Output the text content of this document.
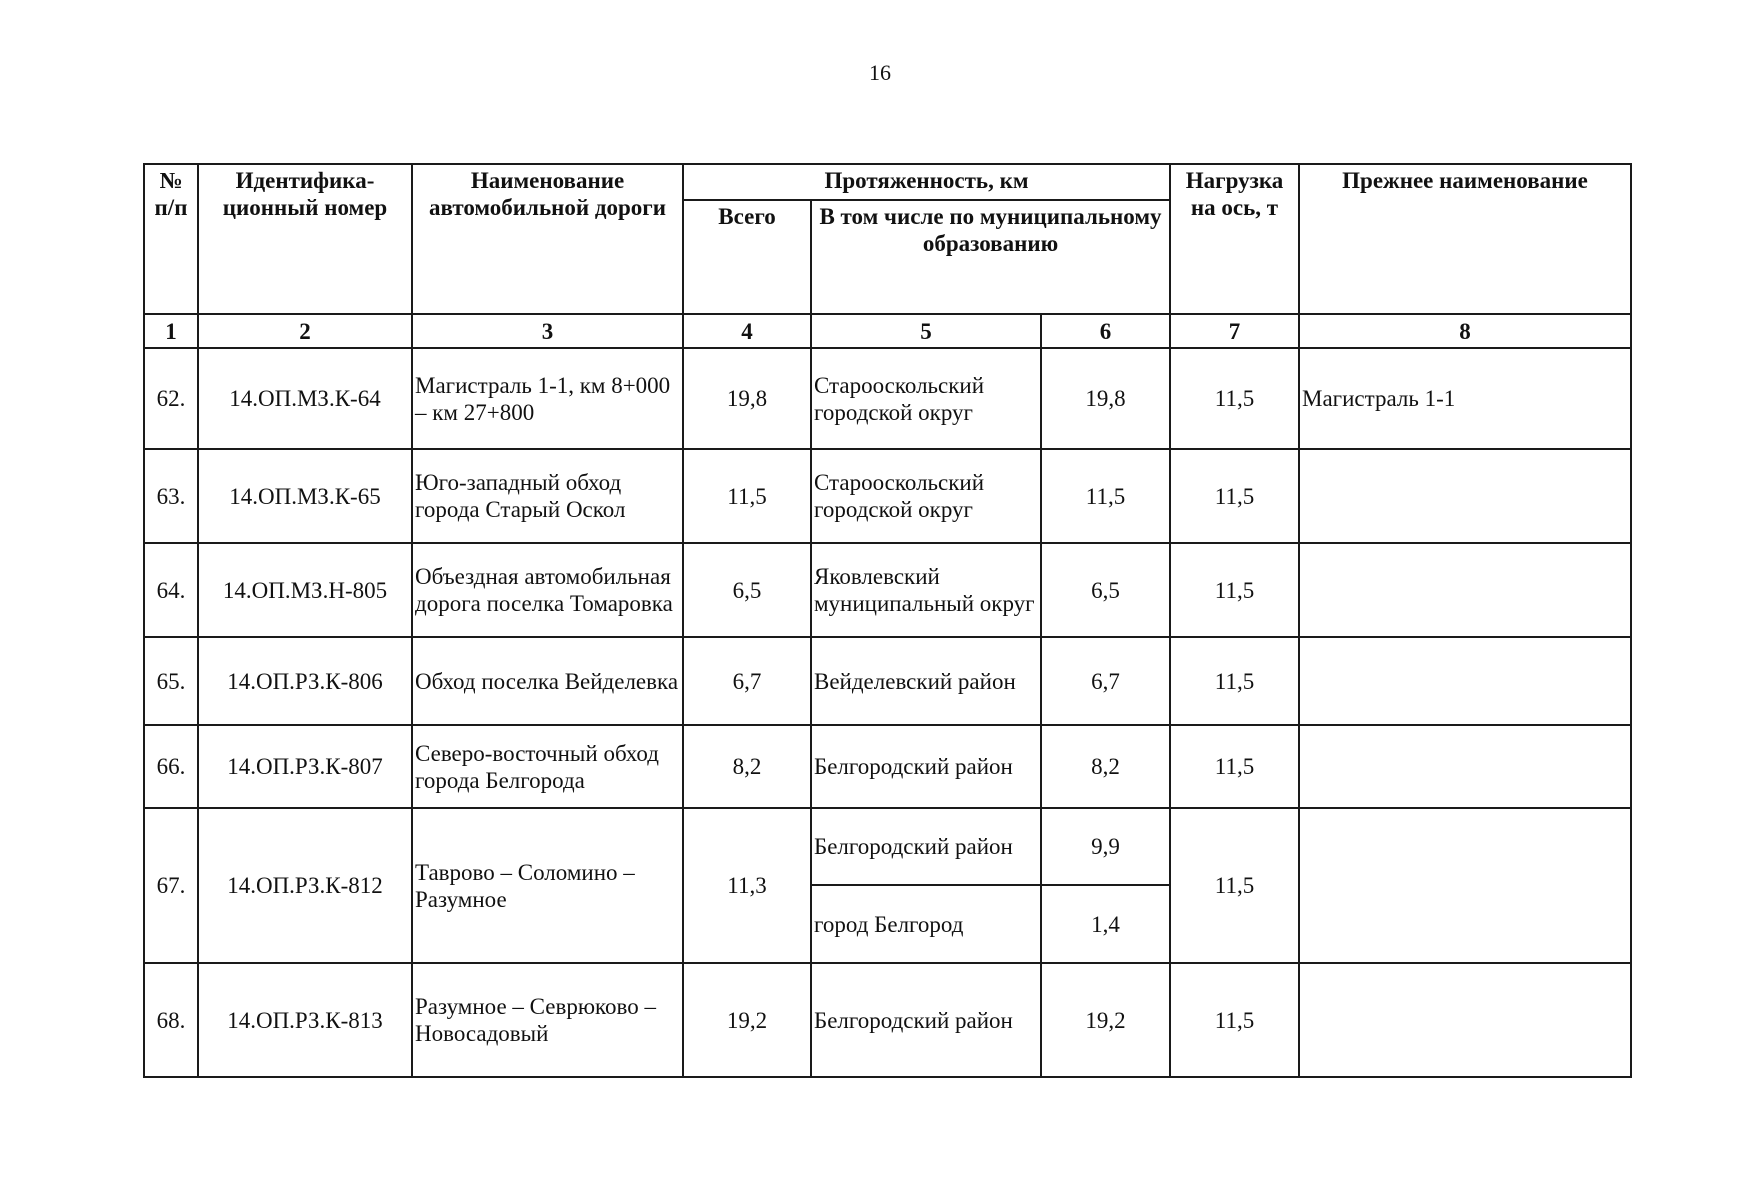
16
№ п/п	Идентифика-ционный номер	Наименование автомобильной дороги	Протяженность, км			Нагрузка на ось, т	Прежнее наименование
			Всего	В том числе по муниципальному образованию			
1	2	3	4	5	6	7	8
62.	14.ОП.МЗ.К-64	Магистраль 1-1, км 8+000 – км 27+800	19,8	Старооскольский городской округ	19,8	11,5	Магистраль 1-1
63.	14.ОП.МЗ.К-65	Юго-западный обход города Старый Оскол	11,5	Старооскольский городской округ	11,5	11,5	
64.	14.ОП.МЗ.Н-805	Объездная автомобильная дорога поселка Томаровка	6,5	Яковлевский муниципальный округ	6,5	11,5	
65.	14.ОП.РЗ.К-806	Обход поселка Вейделевка	6,7	Вейделевский район	6,7	11,5	
66.	14.ОП.РЗ.К-807	Северо-восточный обход города Белгорода	8,2	Белгородский район	8,2	11,5	
67.	14.ОП.РЗ.К-812	Таврово – Соломино – Разумное	11,3	Белгородский район	9,9	11,5	
				город Белгород	1,4		
68.	14.ОП.РЗ.К-813	Разумное – Севрюково – Новосадовый	19,2	Белгородский район	19,2	11,5	
